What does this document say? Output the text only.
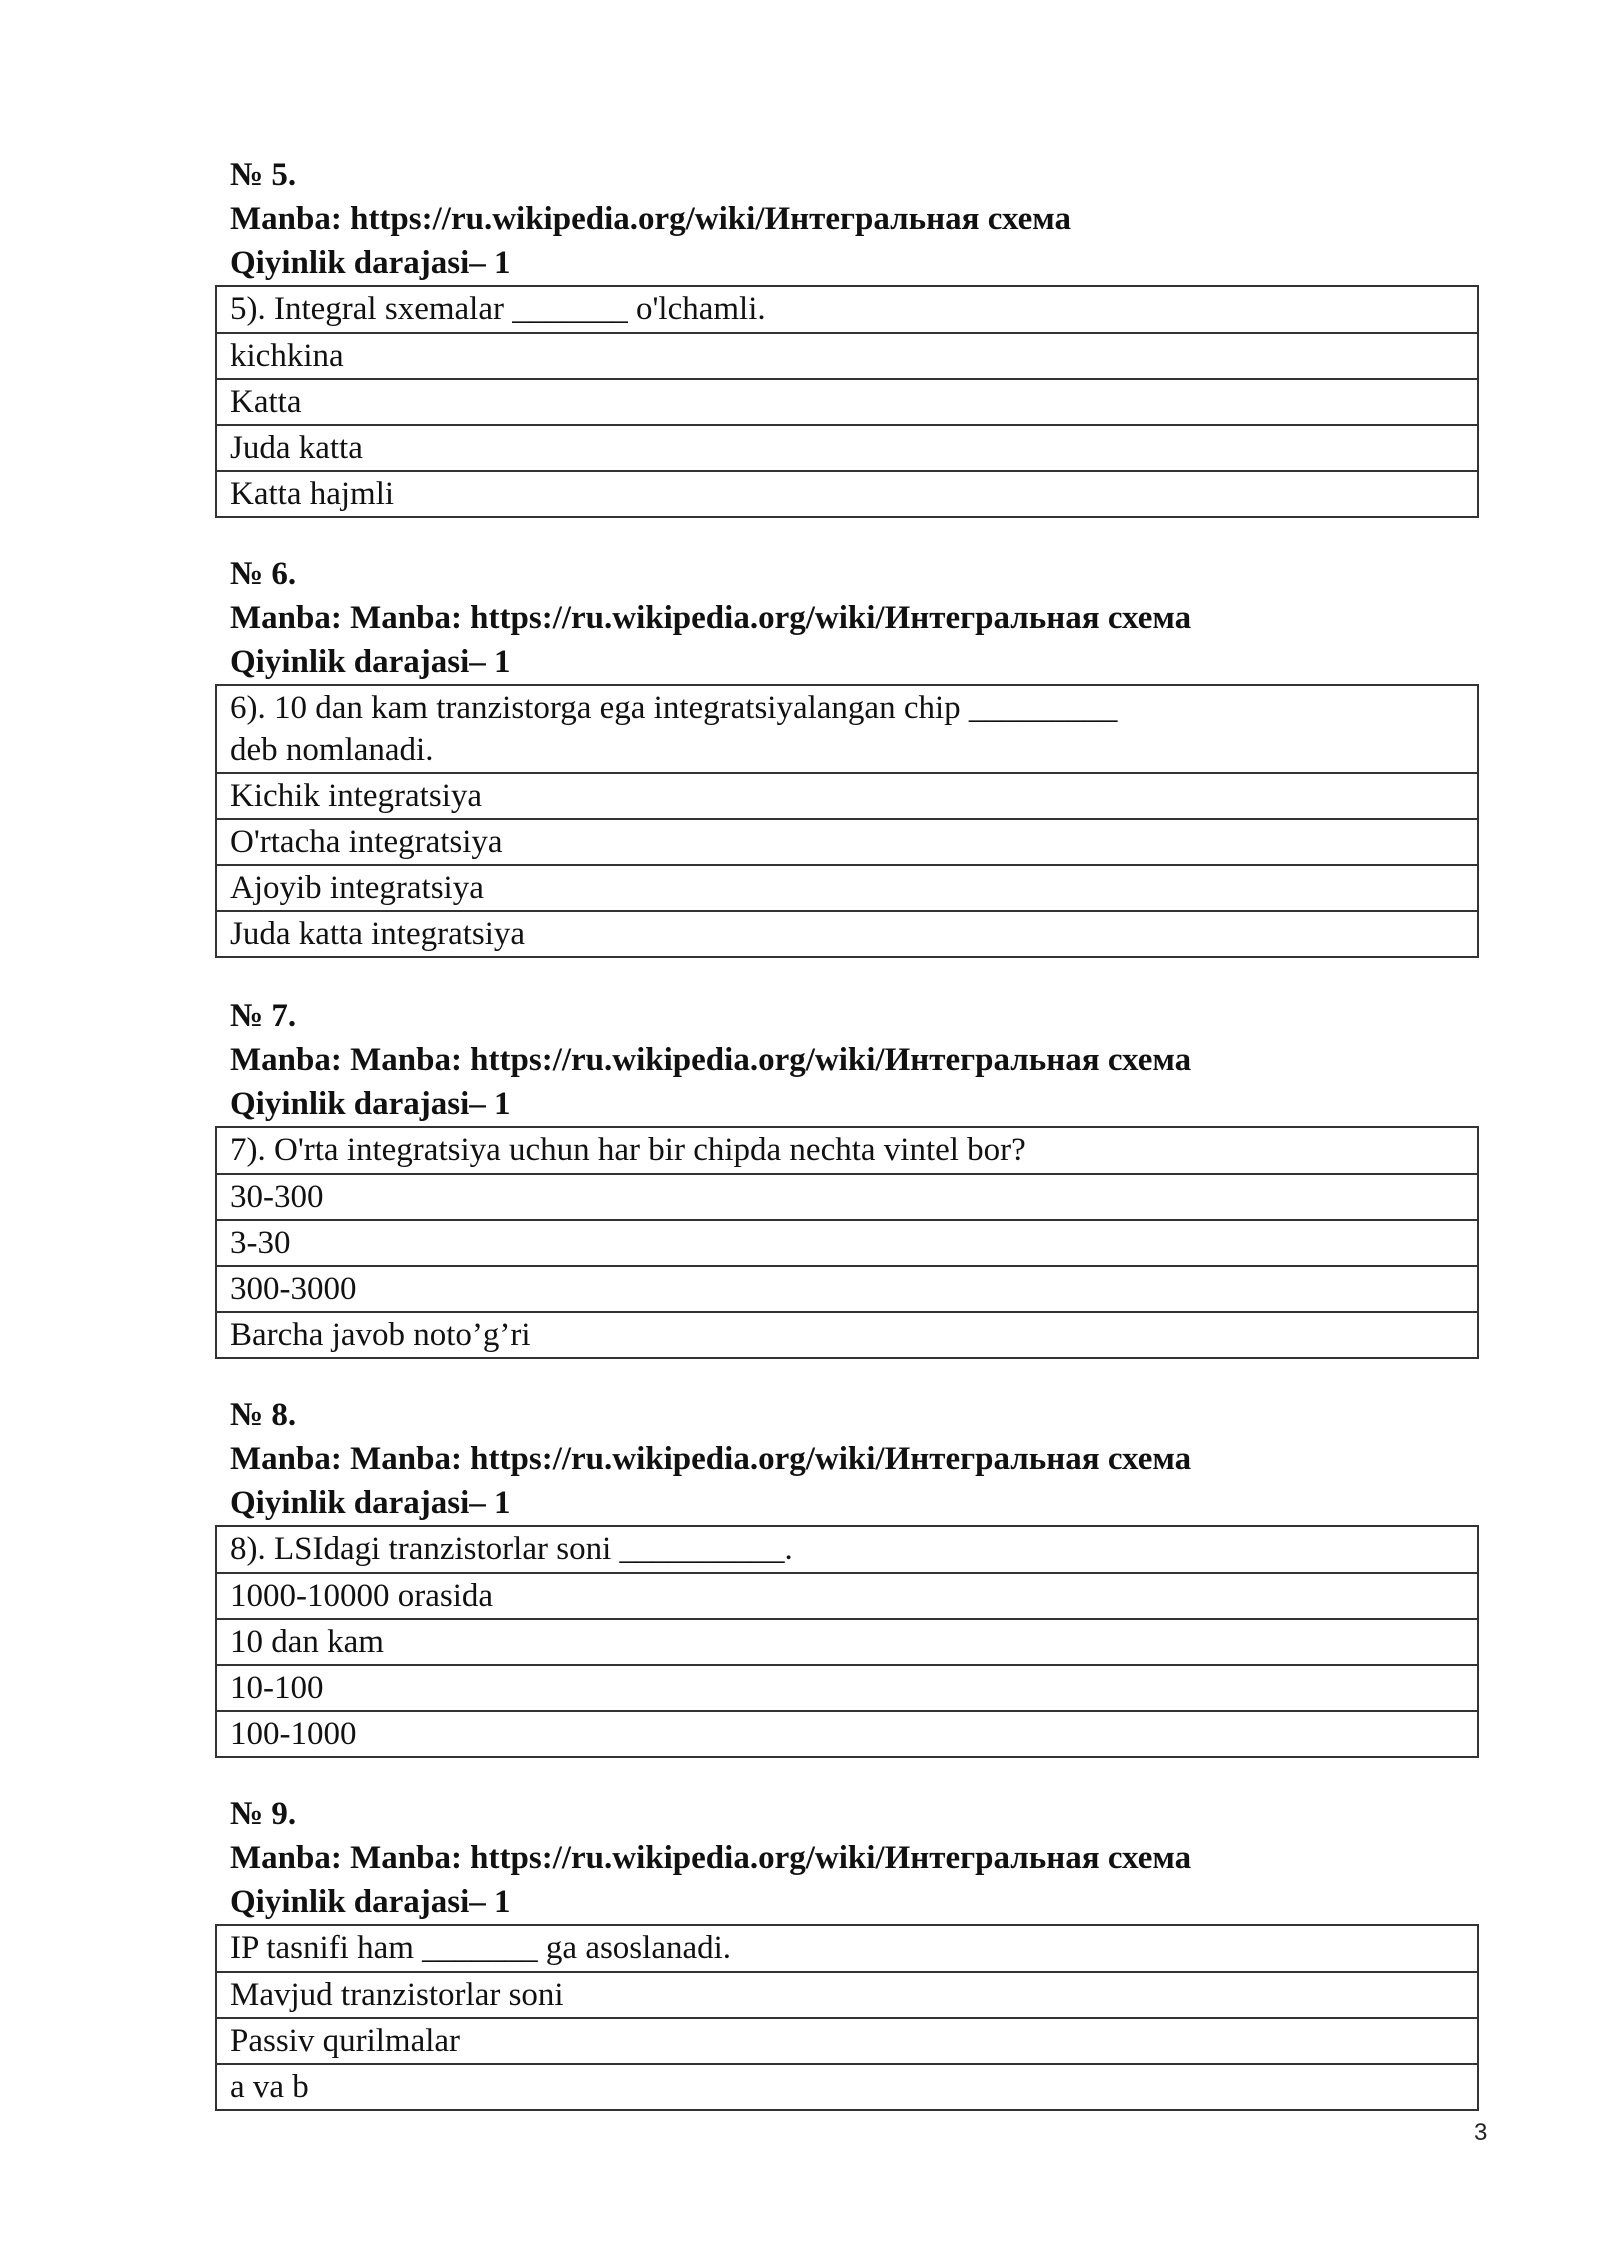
№ 5.
Manba: https://ru.wikipedia.org/wiki/Интегральная схема
Qiyinlik darajasi– 1
5). Integral sxemalar _______ o'lchamli.
kichkina
Katta
Juda katta
Katta hajmli
№ 6.
Manba: Manba: https://ru.wikipedia.org/wiki/Интегральная схема
Qiyinlik darajasi– 1
6). 10 dan kam tranzistorga ega integratsiyalangan chip _________ deb nomlanadi.
Kichik integratsiya
O'rtacha integratsiya
Ajoyib integratsiya
Juda katta integratsiya
№ 7.
Manba: Manba: https://ru.wikipedia.org/wiki/Интегральная схема
Qiyinlik darajasi– 1
7). O'rta integratsiya uchun har bir chipda nechta vintel bor?
30-300
3-30
300-3000
Barcha javob noto’g’ri
№ 8.
Manba: Manba: https://ru.wikipedia.org/wiki/Интегральная схема
Qiyinlik darajasi– 1
8). LSIdagi tranzistorlar soni __________.
1000-10000 orasida
10 dan kam
10-100
100-1000
№ 9.
Manba: Manba: https://ru.wikipedia.org/wiki/Интегральная схема
Qiyinlik darajasi– 1
IP tasnifi ham _______ ga asoslanadi.
Mavjud tranzistorlar soni
Passiv qurilmalar
a va b
3
